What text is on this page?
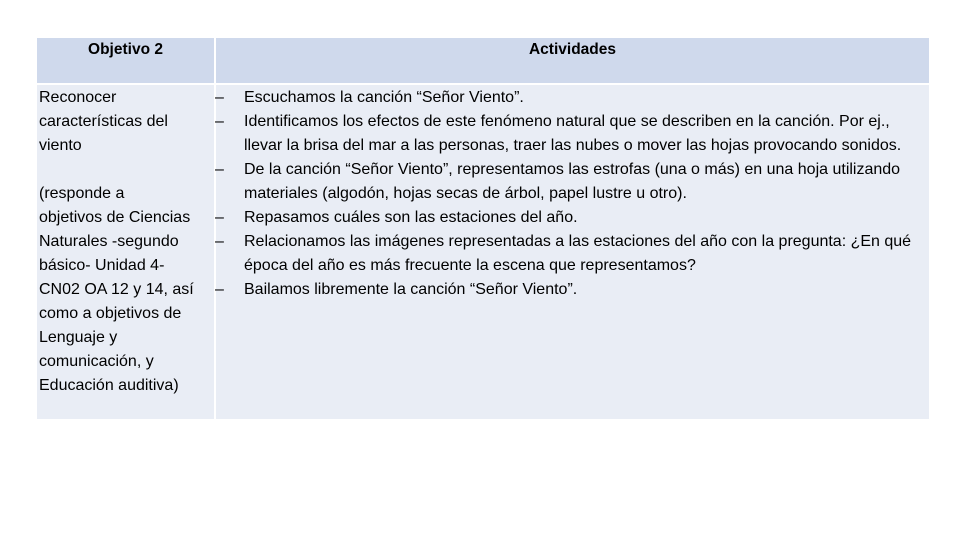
Objetivo 2	Actividades

Reconocer

características del

viento

(responde a

objetivos de Ciencias

Naturales -segundo

básico- Unidad 4-

CN02 OA 12 y 14, así

como a objetivos de

Lenguaje y

comunicación, y

Educación auditiva)

– Escuchamos la canción “Señor Viento”.
– Identificamos los efectos de este fenómeno natural que se describen en la canción. Por ej., llevar la brisa del mar a las personas, traer las nubes o mover las hojas provocando sonidos.
– De la canción “Señor Viento”, representamos las estrofas (una o más) en una hoja utilizando materiales (algodón, hojas secas de árbol, papel lustre u otro).
– Repasamos cuáles son las estaciones del año.
– Relacionamos las imágenes representadas a las estaciones del año con la pregunta: ¿En qué época del año es más frecuente la escena que representamos?
– Bailamos libremente la canción “Señor Viento”.
